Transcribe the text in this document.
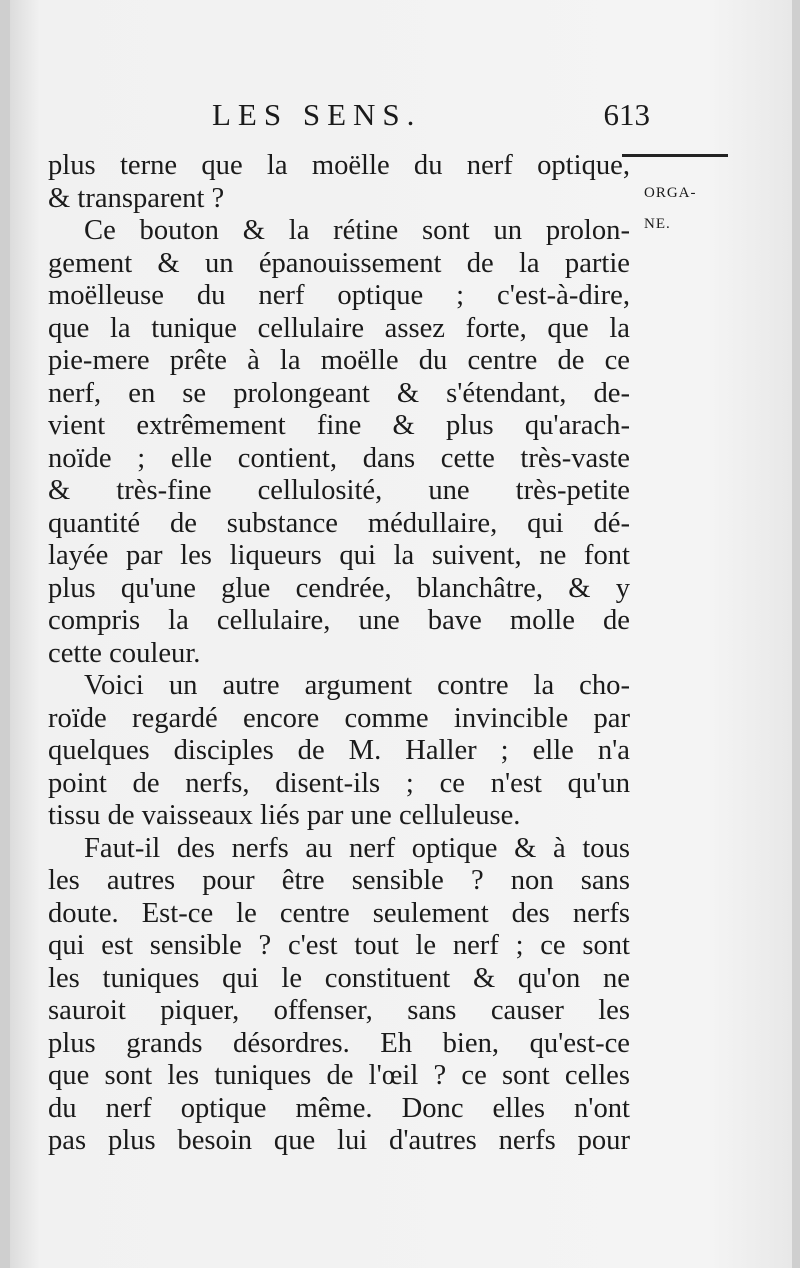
LES SENS.	613
ORGA-
NE.
plus terne que la moëlle du nerf optique,
& transparent ?
Ce bouton & la rétine sont un prolon-
gement & un épanouissement de la partie
moëlleuse du nerf optique ; c'est-à-dire,
que la tunique cellulaire assez forte, que la
pie-mere prête à la moëlle du centre de ce
nerf, en se prolongeant & s'étendant, de-
vient extrêmement fine & plus qu'arach-
noïde ; elle contient, dans cette très-vaste
& très-fine cellulosité, une très-petite
quantité de substance médullaire, qui dé-
layée par les liqueurs qui la suivent, ne font
plus qu'une glue cendrée, blanchâtre, & y
compris la cellulaire, une bave molle de
cette couleur.
Voici un autre argument contre la cho-
roïde regardé encore comme invincible par
quelques disciples de M. Haller ; elle n'a
point de nerfs, disent-ils ; ce n'est qu'un
tissu de vaisseaux liés par une celluleuse.
Faut-il des nerfs au nerf optique & à tous
les autres pour être sensible ? non sans
doute. Est-ce le centre seulement des nerfs
qui est sensible ? c'est tout le nerf ; ce sont
les tuniques qui le constituent & qu'on ne
sauroit piquer, offenser, sans causer les
plus grands désordres. Eh bien, qu'est-ce
que sont les tuniques de l'œil ? ce sont celles
du nerf optique même. Donc elles n'ont
pas plus besoin que lui d'autres nerfs pour
